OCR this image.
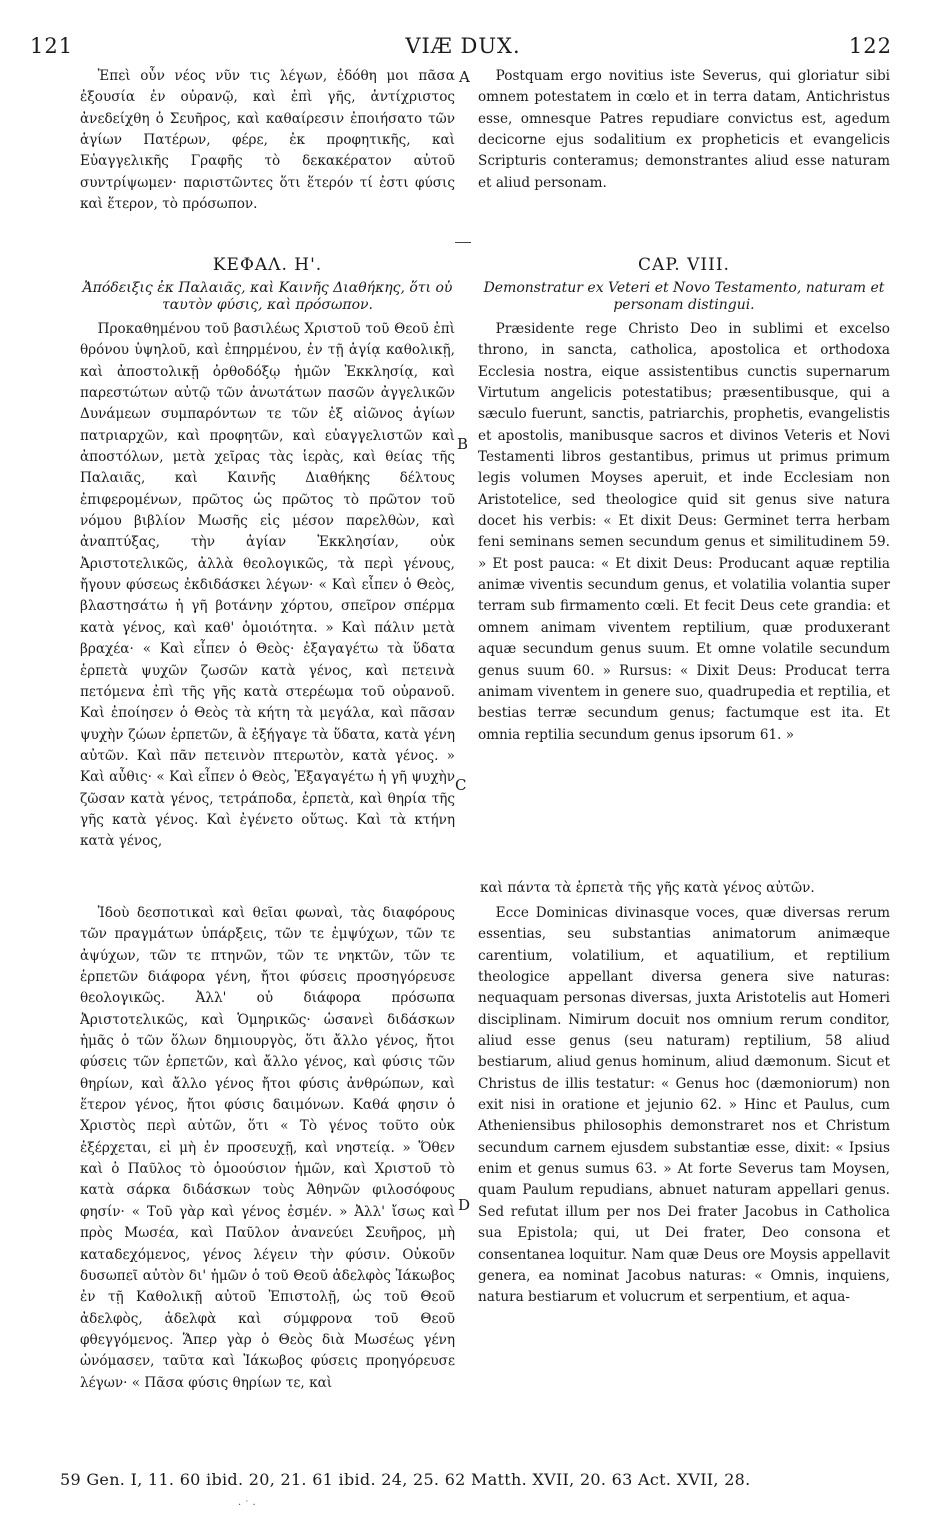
121	VIÆ DUX.	122
A
B
C
D

Ἐπεὶ οὖν νέος νῦν τις λέγων, ἐδόθη μοι πᾶσα ἐξουσία ἐν οὐρανῷ, καὶ ἐπὶ γῆς, ἀντίχριστος ἀνεδείχθη ὁ Σευῆρος, καὶ καθαίρεσιν ἐποιήσατο τῶν ἁγίων Πατέρων, φέρε, ἐκ προφητικῆς, καὶ Εὐαγγελικῆς Γραφῆς τὸ δεκακέρατον αὐτοῦ συντρίψωμεν· παριστῶντες ὅτι ἕτερόν τί ἐστι φύσις καὶ ἕτερον, τὸ πρόσωπον.

Postquam ergo novitius iste Severus, qui gloriatur sibi omnem potestatem in cœlo et in terra datam, Antichristus esse, omnesque Patres repudiare convictus est, agedum decicorne ejus sodalitium ex propheticis et evangelicis Scripturis conteramus; demonstrantes aliud esse naturam et aliud personam.

ΚΕΦΑΛ. Η'.
Ἀπόδειξις ἐκ Παλαιᾶς, καὶ Καινῆς Διαθήκης, ὅτι οὐ ταυτὸν φύσις, καὶ πρόσωπον.
CAP. VIII.
Demonstratur ex Veteri et Novo Testamento, naturam et personam distingui.

Προκαθημένου τοῦ βασιλέως Χριστοῦ τοῦ Θεοῦ ἐπὶ θρόνου ὑψηλοῦ, καὶ ἐπηρμένου, ἐν τῇ ἁγίᾳ καθολικῇ, καὶ ἀποστολικῇ ὀρθοδόξῳ ἡμῶν Ἐκκλησίᾳ, καὶ παρεστώτων αὐτῷ τῶν ἀνωτάτων πασῶν ἀγγελικῶν Δυνάμεων συμπαρόντων τε τῶν ἐξ αἰῶνος ἁγίων πατριαρχῶν, καὶ προφητῶν, καὶ εὐαγγελιστῶν καὶ ἀποστόλων, μετὰ χεῖρας τὰς ἱερὰς, καὶ θείας τῆς Παλαιᾶς, καὶ Καινῆς Διαθήκης δέλτους ἐπιφερομένων, πρῶτος ὡς πρῶτος τὸ πρῶτον τοῦ νόμου βιβλίον Μωσῆς εἰς μέσον παρελθὼν, καὶ ἀναπτύξας, τὴν ἁγίαν Ἐκκλησίαν, οὐκ Ἀριστοτελικῶς, ἀλλὰ θεολογικῶς, τὰ περὶ γένους, ἤγουν φύσεως ἐκδιδάσκει λέγων· « Καὶ εἶπεν ὁ Θεὸς, βλαστησάτω ἡ γῆ βοτάνην χόρτου, σπεῖρον σπέρμα κατὰ γένος, καὶ καθ' ὁμοιότητα. » Καὶ πάλιν μετὰ βραχέα· « Καὶ εἶπεν ὁ Θεὸς· ἐξαγαγέτω τὰ ὕδατα ἑρπετὰ ψυχῶν ζωσῶν κατὰ γένος, καὶ πετεινὰ πετόμενα ἐπὶ τῆς γῆς κατὰ στερέωμα τοῦ οὐρανοῦ. Καὶ ἐποίησεν ὁ Θεὸς τὰ κήτη τὰ μεγάλα, καὶ πᾶσαν ψυχὴν ζώων ἑρπετῶν, ἃ ἐξήγαγε τὰ ὕδατα, κατὰ γένη αὐτῶν. Καὶ πᾶν πετεινὸν πτερωτὸν, κατὰ γένος. » Καὶ αὖθις· « Καὶ εἶπεν ὁ Θεὸς, Ἐξαγαγέτω ἡ γῆ ψυχὴν ζῶσαν κατὰ γένος, τετράποδα, ἑρπετὰ, καὶ θηρία τῆς γῆς κατὰ γένος. Καὶ ἐγένετο οὕτως. Καὶ τὰ κτήνη κατὰ γένος,

Præsidente rege Christo Deo in sublimi et excelso throno, in sancta, catholica, apostolica et orthodoxa Ecclesia nostra, eique assistentibus cunctis supernarum Virtutum angelicis potestatibus; præsentibusque, qui a sæculo fuerunt, sanctis, patriarchis, prophetis, evangelistis et apostolis, manibusque sacros et divinos Veteris et Novi Testamenti libros gestantibus, primus ut primus primum legis volumen Moyses aperuit, et inde Ecclesiam non Aristotelice, sed theologice quid sit genus sive natura docet his verbis: « Et dixit Deus: Germinet terra herbam feni seminans semen secundum genus et similitudinem 59. » Et post pauca: « Et dixit Deus: Producant aquæ reptilia animæ viventis secundum genus, et volatilia volantia super terram sub firmamento cœli. Et fecit Deus cete grandia: et omnem animam viventem reptilium, quæ produxerant aquæ secundum genus suum. Et omne volatile secundum genus suum 60. » Rursus: « Dixit Deus: Producat terra animam viventem in genere suo, quadrupedia et reptilia, et bestias terræ secundum genus; factumque est ita. Et omnia reptilia secundum genus ipsorum 61. »

καὶ πάντα τὰ ἑρπετὰ τῆς γῆς κατὰ γένος αὐτῶν.

Ἰδοὺ δεσποτικαὶ καὶ θεῖαι φωναὶ, τὰς διαφόρους τῶν πραγμάτων ὑπάρξεις, τῶν τε ἐμψύχων, τῶν τε ἀψύχων, τῶν τε πτηνῶν, τῶν τε νηκτῶν, τῶν τε ἑρπετῶν διάφορα γένη, ἤτοι φύσεις προσηγόρευσε θεολογικῶς. Ἀλλ' οὐ διάφορα πρόσωπα Ἀριστοτελικῶς, καὶ Ὁμηρικῶς· ὡσανεὶ διδάσκων ἡμᾶς ὁ τῶν ὅλων δημιουργὸς, ὅτι ἄλλο γένος, ἤτοι φύσεις τῶν ἑρπετῶν, καὶ ἄλλο γένος, καὶ φύσις τῶν θηρίων, καὶ ἄλλο γένος ἤτοι φύσις ἀνθρώπων, καὶ ἕτερον γένος, ἤτοι φύσις δαιμόνων. Καθά φησιν ὁ Χριστὸς περὶ αὐτῶν, ὅτι « Τὸ γένος τοῦτο οὐκ ἐξέρχεται, εἰ μὴ ἐν προσευχῇ, καὶ νηστείᾳ. » Ὅθεν καὶ ὁ Παῦλος τὸ ὁμοούσιον ἡμῶν, καὶ Χριστοῦ τὸ κατὰ σάρκα διδάσκων τοὺς Ἀθηνῶν φιλοσόφους φησίν· « Τοῦ γὰρ καὶ γένος ἐσμέν. » Ἀλλ' ἴσως καὶ πρὸς Μωσέα, καὶ Παῦλον ἀνανεύει Σευῆρος, μὴ καταδεχόμενος, γένος λέγειν τὴν φύσιν. Οὐκοῦν δυσωπεῖ αὐτὸν δι' ἡμῶν ὁ τοῦ Θεοῦ ἀδελφὸς Ἰάκωβος ἐν τῇ Καθολικῇ αὐτοῦ Ἐπιστολῇ, ὡς τοῦ Θεοῦ ἀδελφὸς, ἀδελφὰ καὶ σύμφρονα τοῦ Θεοῦ φθεγγόμενος. Ἅπερ γὰρ ὁ Θεὸς διὰ Μωσέως γένη ὠνόμασεν, ταῦτα καὶ Ἰάκωβος φύσεις προηγόρευσε λέγων· « Πᾶσα φύσις θηρίων τε, καὶ

Ecce Dominicas divinasque voces, quæ diversas rerum essentias, seu substantias animatorum animæque carentium, volatilium, et aquatilium, et reptilium theologice appellant diversa genera sive naturas: nequaquam personas diversas, juxta Aristotelis aut Homeri disciplinam. Nimirum docuit nos omnium rerum conditor, aliud esse genus (seu naturam) reptilium, 58 aliud bestiarum, aliud genus hominum, aliud dæmonum. Sicut et Christus de illis testatur: « Genus hoc (dæmoniorum) non exit nisi in oratione et jejunio 62. » Hinc et Paulus, cum Atheniensibus philosophis demonstraret nos et Christum secundum carnem ejusdem substantiæ esse, dixit: « Ipsius enim et genus sumus 63. » At forte Severus tam Moysen, quam Paulum repudians, abnuet naturam appellari genus. Sed refutat illum per nos Dei frater Jacobus in Catholica sua Epistola; qui, ut Dei frater, Deo consona et consentanea loquitur. Nam quæ Deus ore Moysis appellavit genera, ea nominat Jacobus naturas: « Omnis, inquiens, natura bestiarum et volucrum et serpentium, et aqua-

59 Gen. I, 11. 60 ibid. 20, 21. 61 ibid. 24, 25. 62 Matth. XVII, 20. 63 Act. XVII, 28.
· ˙ ·
